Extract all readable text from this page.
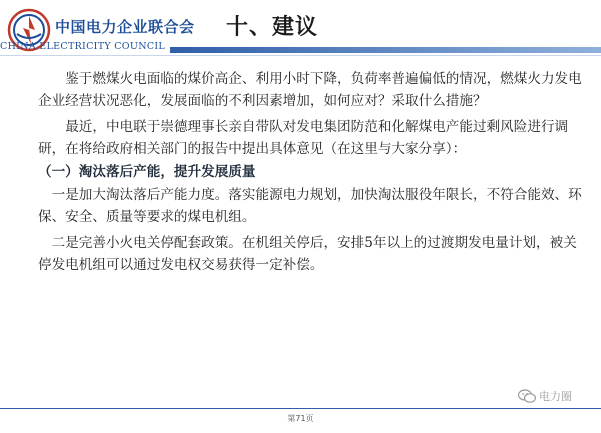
中国电力企业联合会
CHINA ELECTRICITY COUNCIL
十、建议

鉴于燃煤火电面临的煤价高企、利用小时下降，负荷率普遍偏低的情况，燃煤火力发电企业经营状况恶化，发展面临的不利因素增加，如何应对？采取什么措施？

最近，中电联于崇德理事长亲自带队对发电集团防范和化解煤电产能过剩风险进行调研，在将给政府相关部门的报告中提出具体意见（在这里与大家分享）：

（一）淘汰落后产能，提升发展质量

一是加大淘汰落后产能力度。落实能源电力规划，加快淘汰服役年限长，不符合能效、环保、安全、质量等要求的煤电机组。

二是完善小火电关停配套政策。在机组关停后，安排5年以上的过渡期发电量计划，被关停发电机组可以通过发电权交易获得一定补偿。

电力圈
第71页
